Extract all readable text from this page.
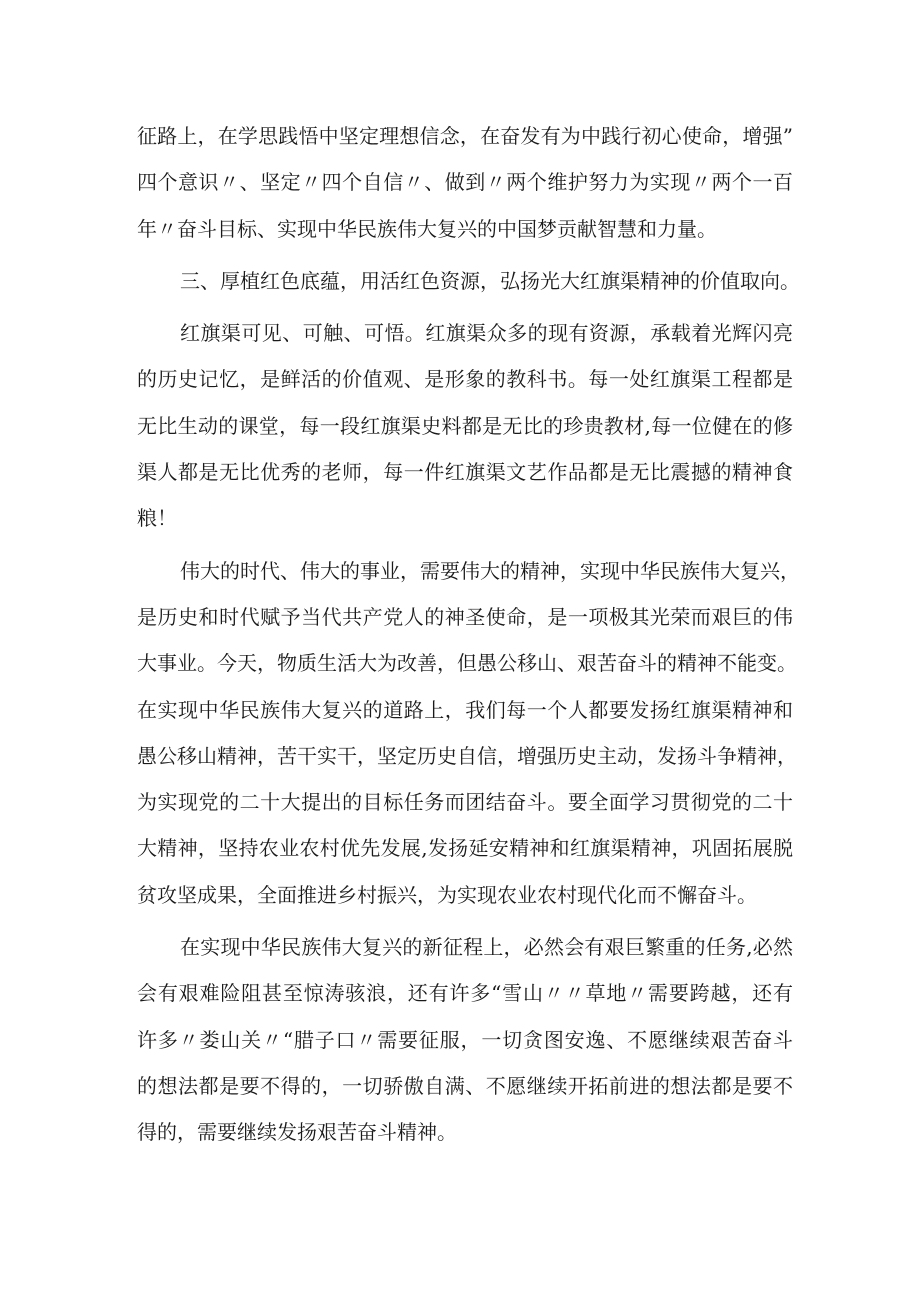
征路上，在学思践悟中坚定理想信念，在奋发有为中践行初心使命，增强”
四个意识〃、坚定〃四个自信〃、做到〃两个维护努力为实现〃两个一百
年〃奋斗目标、实现中华民族伟大复兴的中国梦贡献智慧和力量。
三、厚植红色底蕴，用活红色资源，弘扬光大红旗渠精神的价值取向。
红旗渠可见、可触、可悟。红旗渠众多的现有资源，承载着光辉闪亮
的历史记忆，是鲜活的价值观、是形象的教科书。每一处红旗渠工程都是
无比生动的课堂，每一段红旗渠史料都是无比的珍贵教材,每一位健在的修
渠人都是无比优秀的老师，每一件红旗渠文艺作品都是无比震撼的精神食
粮！
伟大的时代、伟大的事业，需要伟大的精神，实现中华民族伟大复兴，
是历史和时代赋予当代共产党人的神圣使命，是一项极其光荣而艰巨的伟
大事业。今天，物质生活大为改善，但愚公移山、艰苦奋斗的精神不能变。
在实现中华民族伟大复兴的道路上，我们每一个人都要发扬红旗渠精神和
愚公移山精神，苦干实干，坚定历史自信，增强历史主动，发扬斗争精神，
为实现党的二十大提出的目标任务而团结奋斗。要全面学习贯彻党的二十
大精神，坚持农业农村优先发展,发扬延安精神和红旗渠精神，巩固拓展脱
贫攻坚成果，全面推进乡村振兴，为实现农业农村现代化而不懈奋斗。
在实现中华民族伟大复兴的新征程上，必然会有艰巨繁重的任务,必然
会有艰难险阻甚至惊涛骇浪，还有许多“雪山〃〃草地〃需要跨越，还有
许多〃娄山关〃“腊子口〃需要征服，一切贪图安逸、不愿继续艰苦奋斗
的想法都是要不得的，一切骄傲自满、不愿继续开拓前进的想法都是要不
得的，需要继续发扬艰苦奋斗精神。
